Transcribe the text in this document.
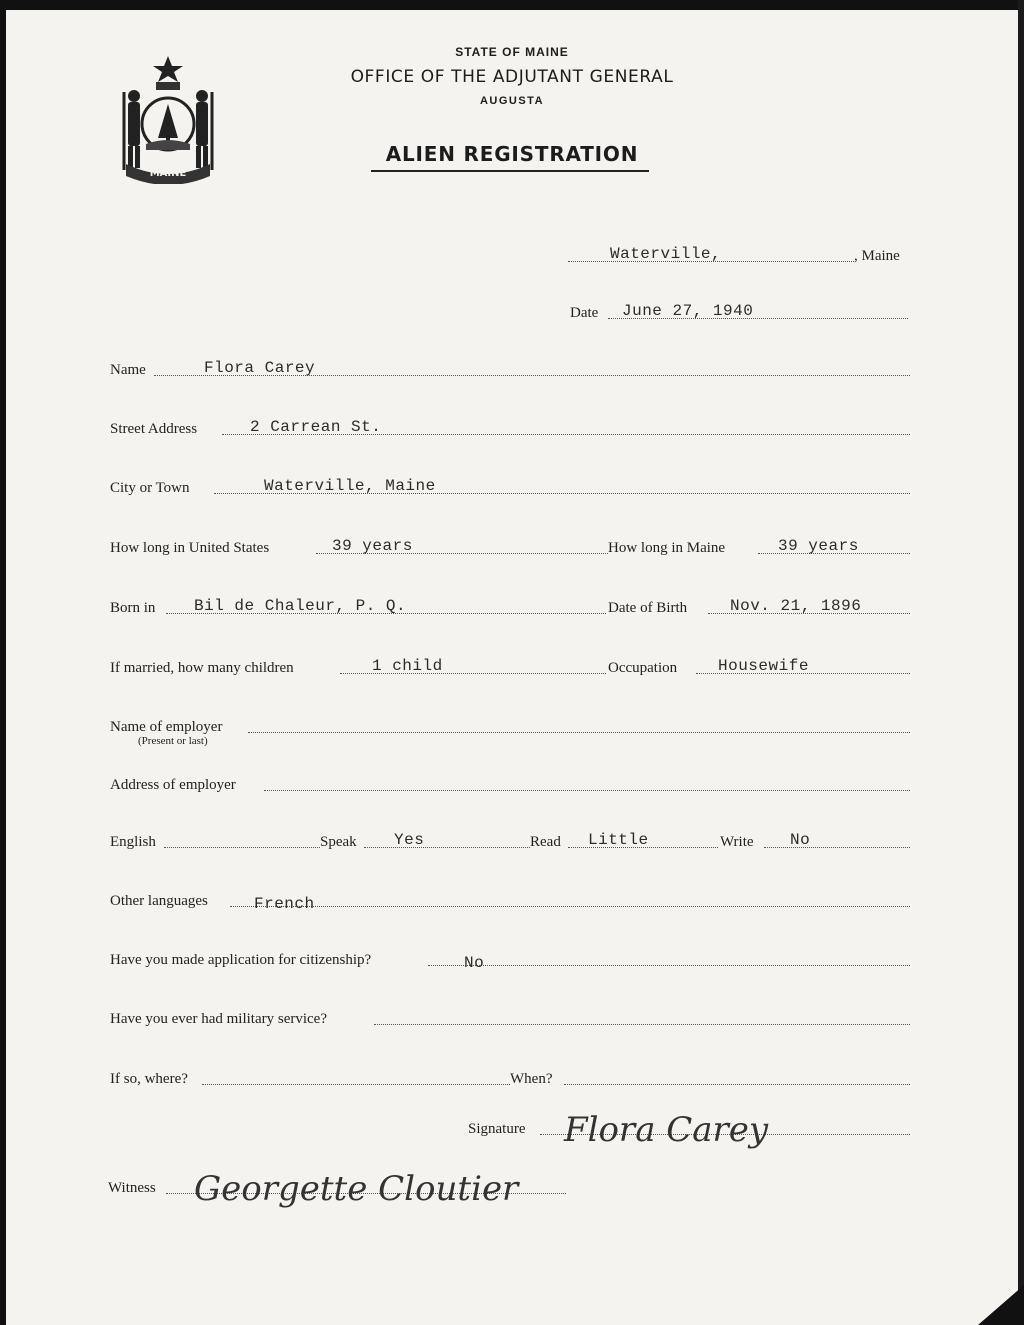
MAINE

STATE OF MAINE

OFFICE OF THE ADJUTANT GENERAL

AUGUSTA

ALIEN REGISTRATION

Waterville,	, Maine
Date June 27, 1940
Name	Flora Carey
Street Address	2 Carrean St.
City or Town	Waterville, Maine
How long in United States	39 years	How long in Maine	39 years
Born in Bil de Chaleur, P. Q.	Date of Birth	Nov. 21, 1896
If married, how many children	1 child	Occupation	Housewife
Name of employer
(Present or last)
Address of employer
English	Speak Yes	Read Little	Write No
Other languages	French
Have you made application for citizenship?	No
Have you ever had military service?
If so, where?	When?
Signature Flora Carey
Witness Georgette Cloutier
